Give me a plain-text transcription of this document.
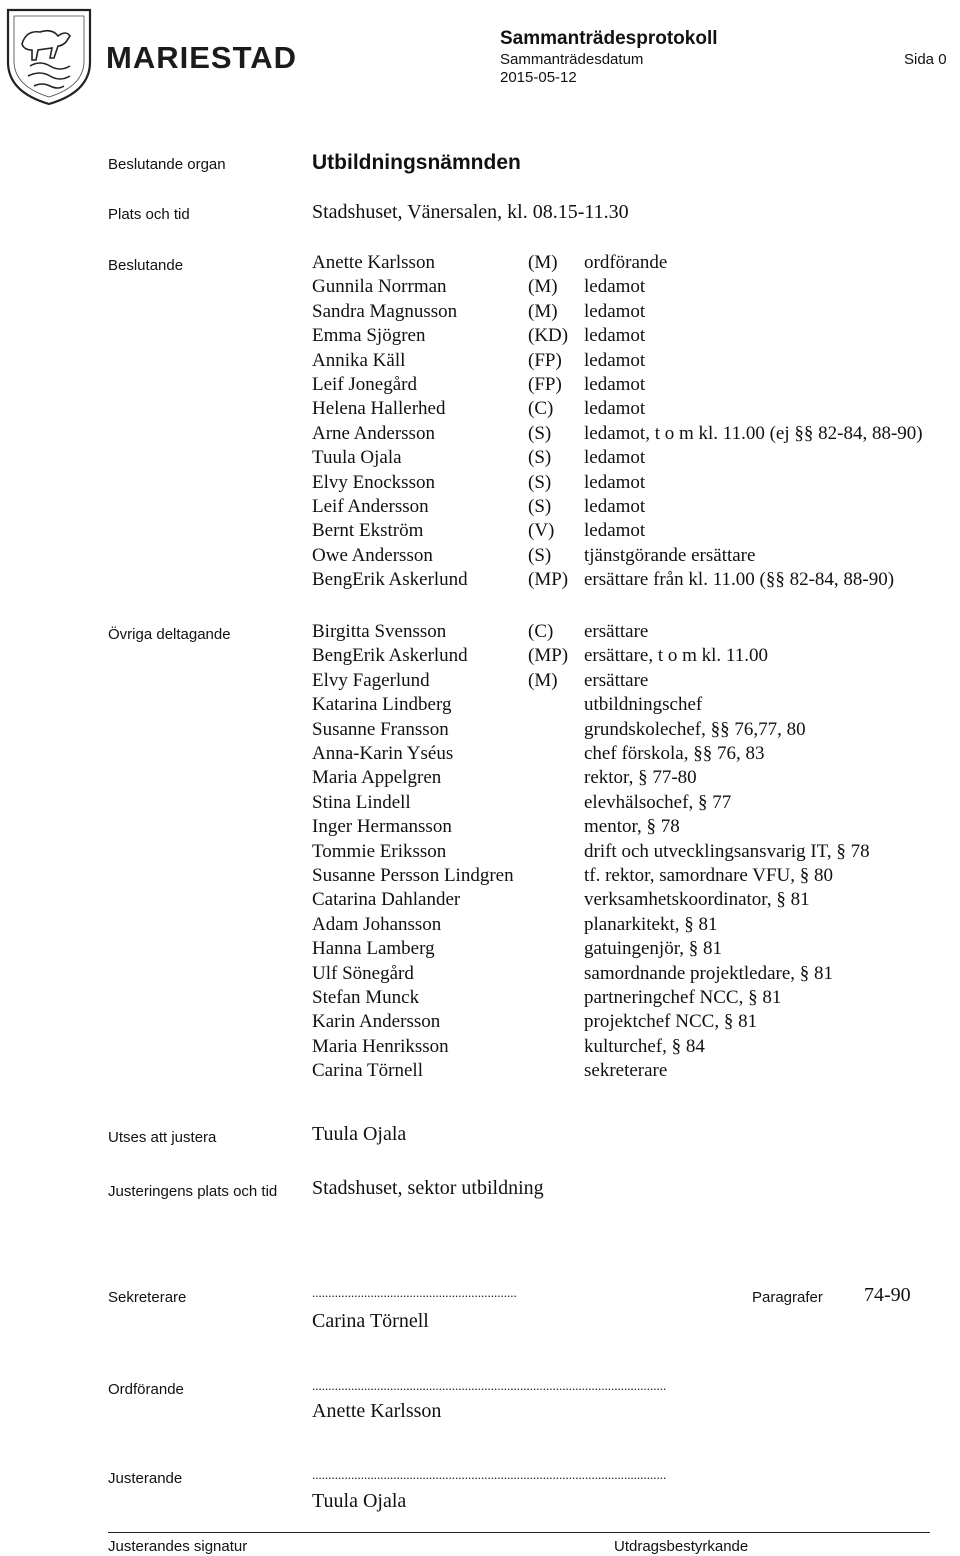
MARIESTAD
Sammanträdesprotokoll
Sammanträdesdatum
2015-05-12
Sida 0
Beslutande organ	Utbildningsnämnden
Plats och tid	Stadshuset, Vänersalen, kl. 08.15-11.30
Beslutande	Anette Karlsson	(M) ordförande
Gunnila Norrman	(M) ledamot
Sandra Magnusson	(M) ledamot
Emma Sjögren	(KD) ledamot
Annika Käll	(FP) ledamot
Leif Jonegård	(FP) ledamot
Helena Hallerhed	(C) ledamot
Arne Andersson	(S) ledamot, t o m kl. 11.00 (ej §§ 82-84, 88-90)
Tuula Ojala	(S) ledamot
Elvy Enocksson	(S) ledamot
Leif Andersson	(S) ledamot
Bernt Ekström	(V) ledamot
Owe Andersson	(S) tjänstgörande ersättare
BengErik Askerlund	(MP) ersättare från kl. 11.00 (§§ 82-84, 88-90)
Övriga deltagande	Birgitta Svensson	(C) ersättare
BengErik Askerlund	(MP) ersättare, t o m kl. 11.00
Elvy Fagerlund	(M) ersättare
Katarina Lindberg	utbildningschef
Susanne Fransson	grundskolechef, §§ 76,77, 80
Anna-Karin Yséus	chef förskola, §§ 76, 83
Maria Appelgren	rektor, § 77-80
Stina Lindell	elevhälsochef, § 77
Inger Hermansson	mentor, § 78
Tommie Eriksson	drift och utvecklingsansvarig IT, § 78
Susanne Persson Lindgren	tf. rektor, samordnare VFU, § 80
Catarina Dahlander	verksamhetskoordinator, § 81
Adam Johansson	planarkitekt, § 81
Hanna Lamberg	gatuingenjör, § 81
Ulf Sönegård	samordnande projektledare, § 81
Stefan Munck	partneringchef NCC, § 81
Karin Andersson	projektchef NCC, § 81
Maria Henriksson	kulturchef, § 84
Carina Törnell	sekreterare
Utses att justera	Tuula Ojala
Justeringens plats och tid Stadshuset, sektor utbildning
Sekreterare	...............................................................	Paragrafer 74-90
Carina Törnell
Ordförande	.............................................................................................................
Anette Karlsson
Justerande	.............................................................................................................
Tuula Ojala
Justerandes signatur	Utdragsbestyrkande
